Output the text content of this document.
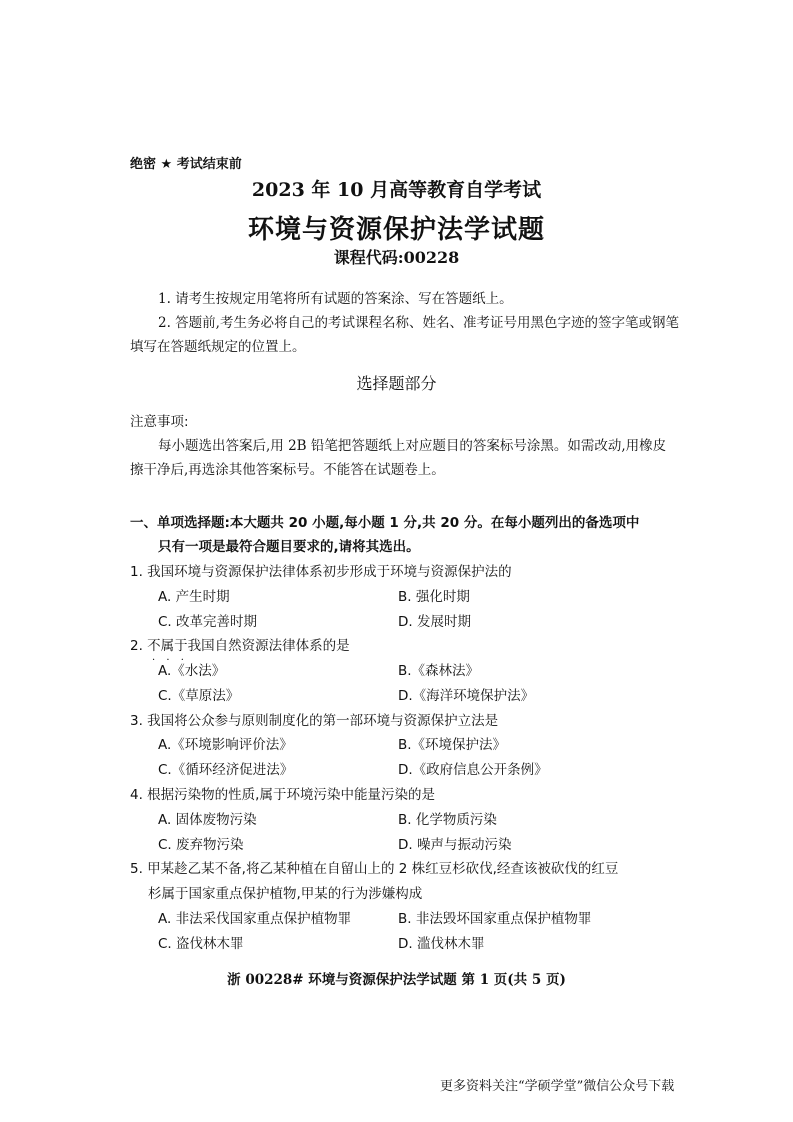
绝密 ★ 考试结束前
2023 年 10 月高等教育自学考试
环境与资源保护法学试题
课程代码:00228
1. 请考生按规定用笔将所有试题的答案涂、写在答题纸上。
2. 答题前,考生务必将自己的考试课程名称、姓名、准考证号用黑色字迹的签字笔或钢笔
填写在答题纸规定的位置上。
选择题部分
注意事项:
每小题选出答案后,用 2B 铅笔把答题纸上对应题目的答案标号涂黑。如需改动,用橡皮
擦干净后,再选涂其他答案标号。不能答在试题卷上。
一、单项选择题:本大题共 20 小题,每小题 1 分,共 20 分。在每小题列出的备选项中
只有一项是最符合题目要求的,请将其选出。
1. 我国环境与资源保护法律体系初步形成于环境与资源保护法的
A. 产生时期	B. 强化时期
C. 改革完善时期	D. 发展时期
2. 不属于我国自然资源法律体系的是
· · ·
A.《水法》	B.《森林法》
C.《草原法》	D.《海洋环境保护法》
3. 我国将公众参与原则制度化的第一部环境与资源保护立法是
A.《环境影响评价法》	B.《环境保护法》
C.《循环经济促进法》	D.《政府信息公开条例》
4. 根据污染物的性质,属于环境污染中能量污染的是
A. 固体废物污染	B. 化学物质污染
C. 废弃物污染	D. 噪声与振动污染
5. 甲某趁乙某不备,将乙某种植在自留山上的 2 株红豆杉砍伐,经查该被砍伐的红豆
杉属于国家重点保护植物,甲某的行为涉嫌构成
A. 非法采伐国家重点保护植物罪	B. 非法毁坏国家重点保护植物罪
C. 盗伐林木罪	D. 滥伐林木罪
浙 00228# 环境与资源保护法学试题 第 1 页(共 5 页)
更多资料关注“学硕学堂”微信公众号下载
